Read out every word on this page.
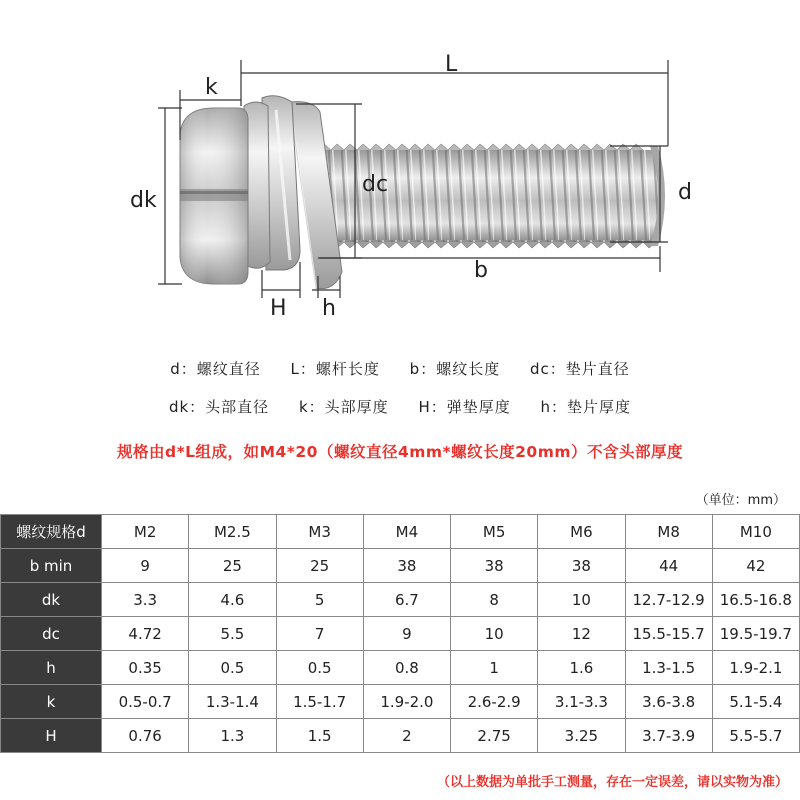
L
k
dk
dc	d
b
H h
d：螺纹直径 L：螺杆长度 b：螺纹长度 dc：垫片直径
dk：头部直径 k：头部厚度 H：弹垫厚度 h：垫片厚度
规格由d*L组成，如M4*20（螺纹直径4mm*螺纹长度20mm）不含头部厚度
（单位：mm）
螺纹规格d	M2	M2.5	M3	M4	M5	M6	M8	M10
b min	9	25	25	38	38	38	44	42
dk	3.3	4.6	5	6.7	8	10	12.7-12.9	16.5-16.8
dc	4.72	5.5	7	9	10	12	15.5-15.7	19.5-19.7
h	0.35	0.5	0.5	0.8	1	1.6	1.3-1.5	1.9-2.1
k	0.5-0.7	1.3-1.4	1.5-1.7	1.9-2.0	2.6-2.9	3.1-3.3	3.6-3.8	5.1-5.4
H	0.76	1.3	1.5	2	2.75	3.25	3.7-3.9	5.5-5.7
（以上数据为单批手工测量，存在一定误差，请以实物为准）
